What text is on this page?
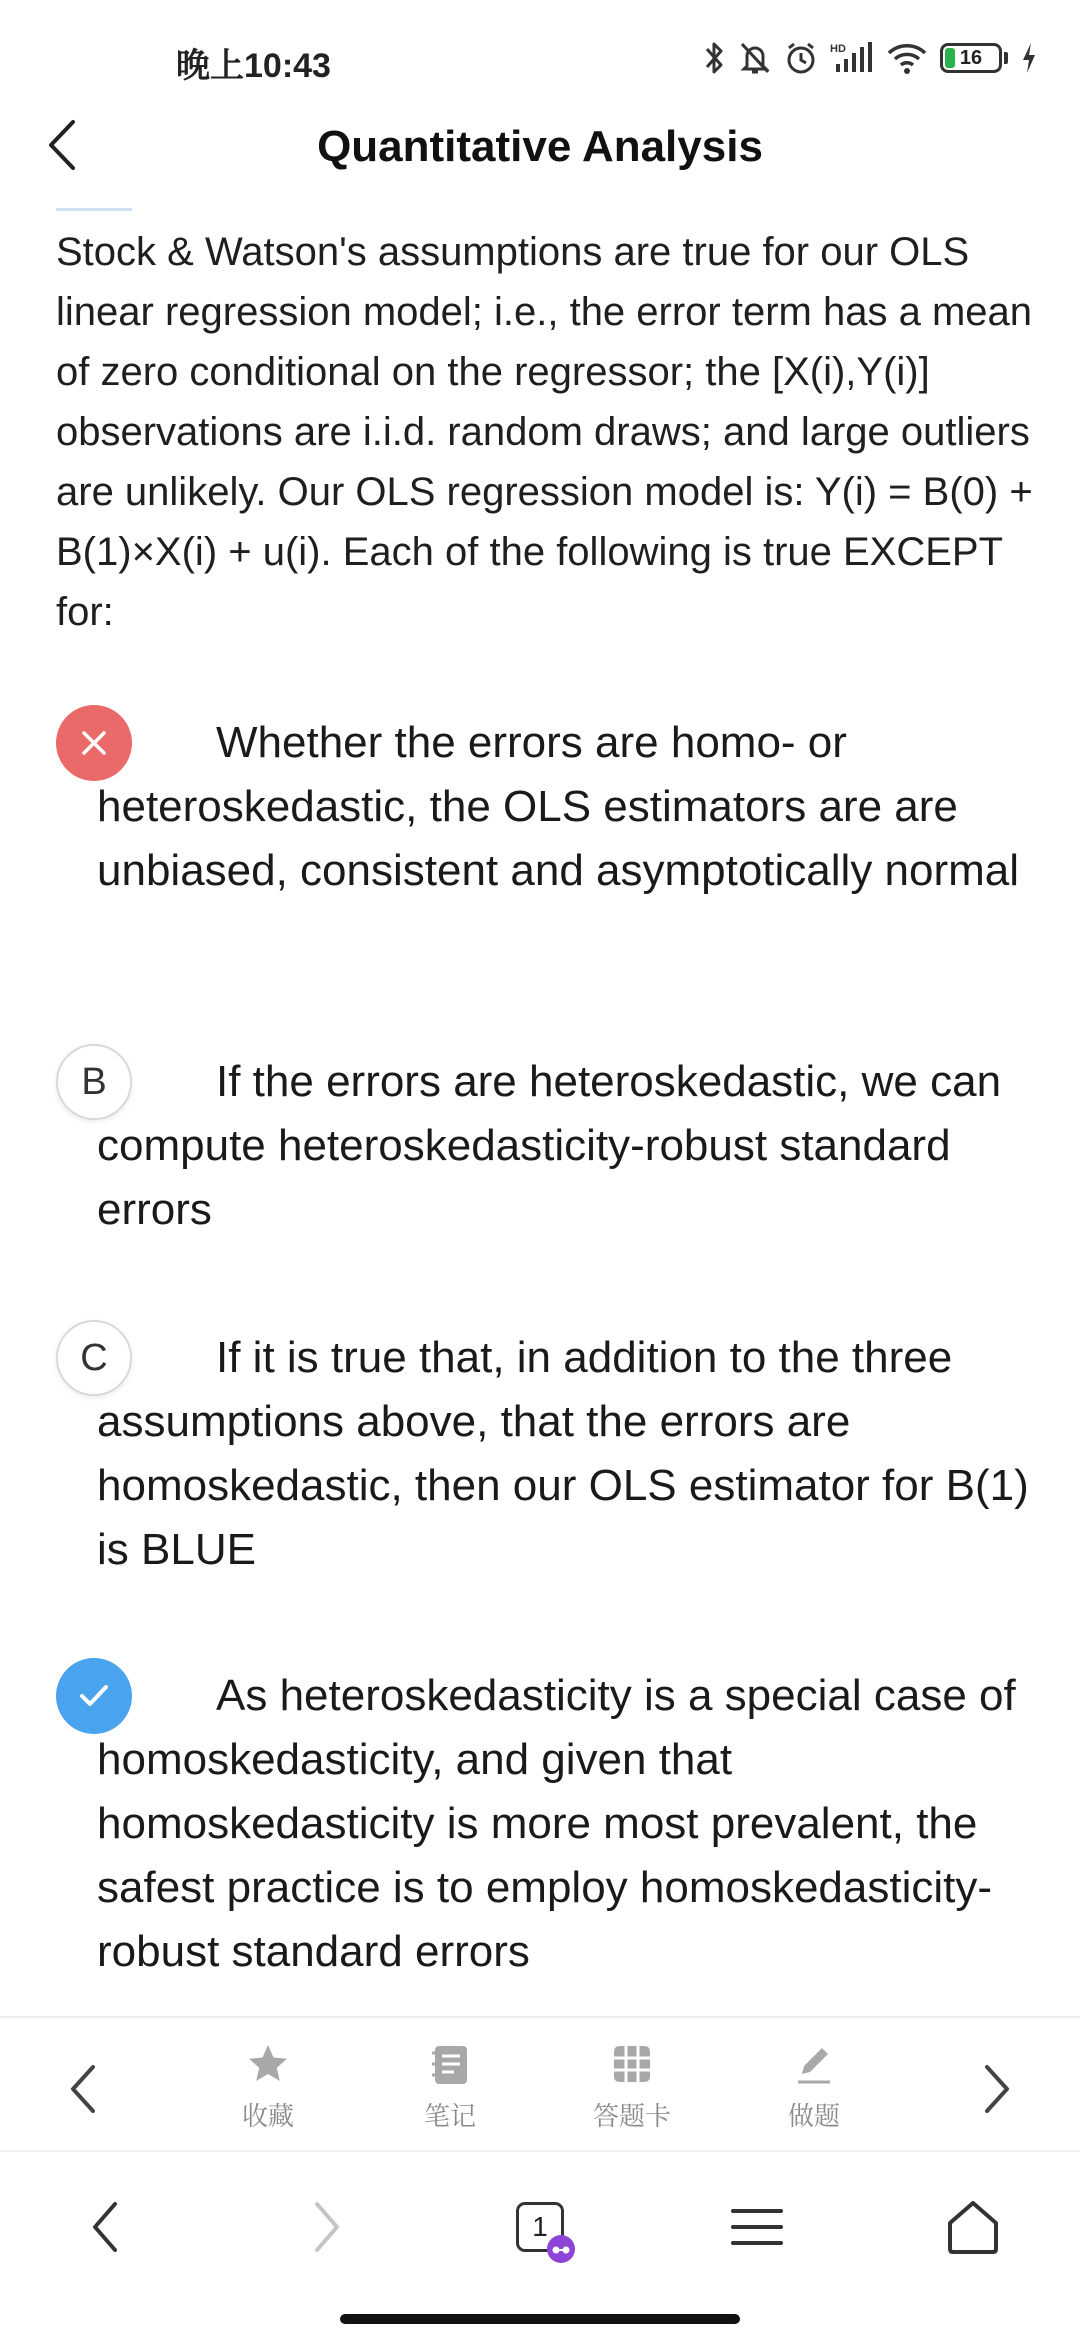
晚上10:43	HD	16
Quantitative Analysis
Stock & Watson's assumptions are true for our OLS linear regression model; i.e., the error term has a mean of zero conditional on the regressor; the [X(i),Y(i)] observations are i.i.d. random draws; and large outliers are unlikely. Our OLS regression model is: Y(i) = B(0) + B(1)×X(i) + u(i). Each of the following is true EXCEPT for:
Whether the errors are homo- or heteroskedastic, the OLS estimators are are unbiased, consistent and asymptotically normal
B	If the errors are heteroskedastic, we can compute heteroskedasticity-robust standard errors
C	If it is true that, in addition to the three assumptions above, that the errors are homoskedastic, then our OLS estimator for B(1) is BLUE
As heteroskedasticity is a special case of homoskedasticity, and given that homoskedasticity is more most prevalent, the safest practice is to employ homoskedasticity-robust standard errors
收藏	笔记	答题卡	做题
1
